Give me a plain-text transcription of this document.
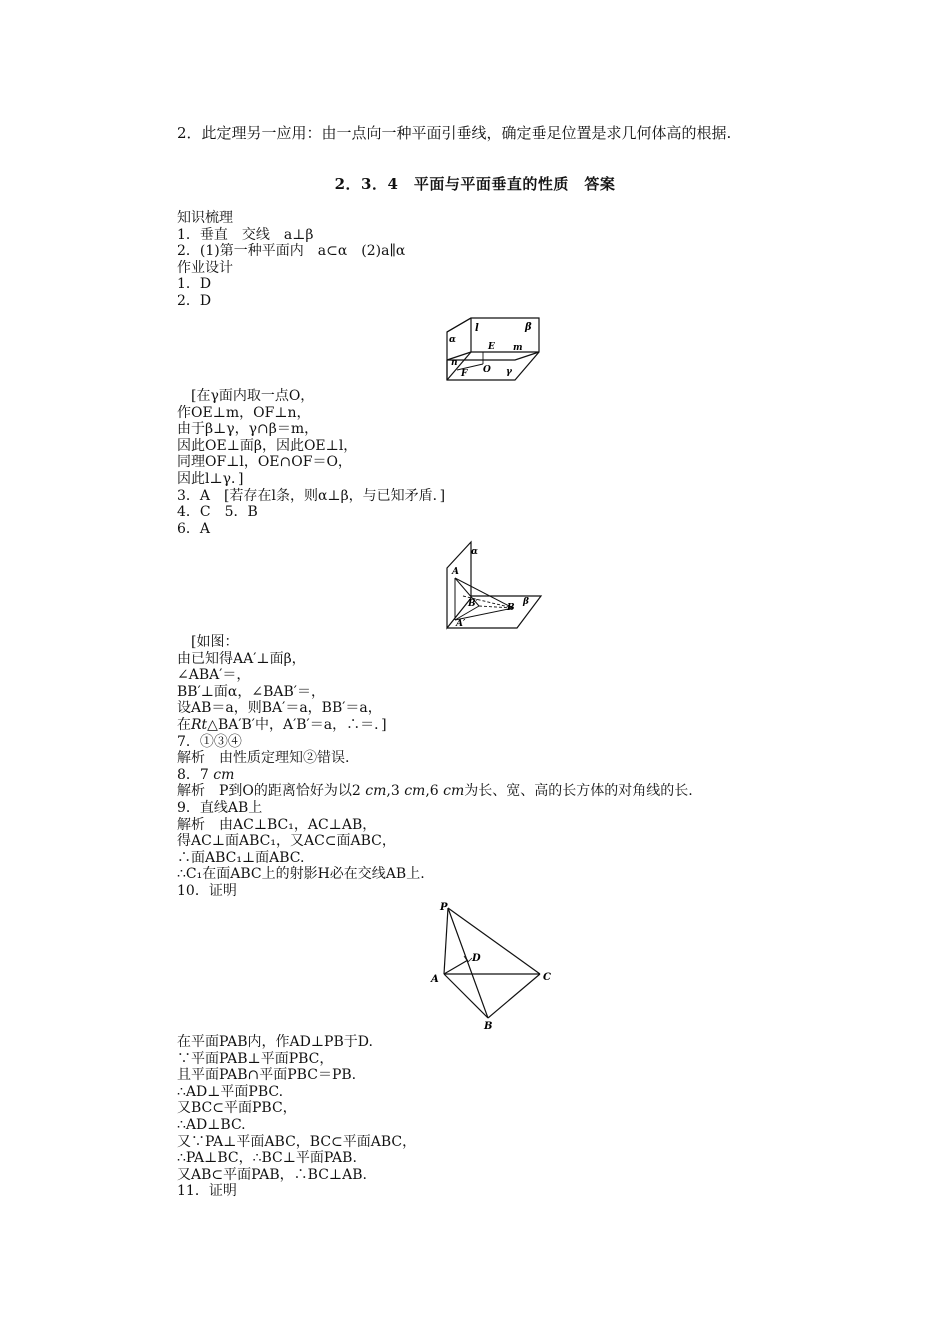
2．此定理另一应用：由一点向一种平面引垂线，确定垂足位置是求几何体高的根据.
2．3．4　平面与平面垂直的性质　答案
知识梳理
1．垂直　交线　a⊥β
2．(1)第一种平面内　a⊂α　(2)a∥α
作业设计
1．D
2．D
l	β
α
E m
n
F O γ
　[在γ面内取一点O，
作OE⊥m，OF⊥n，
由于β⊥γ，γ∩β＝m，
因此OE⊥面β，因此OE⊥l，
同理OF⊥l，OE∩OF＝O，
因此l⊥γ．]
3．A　[若存在l条，则α⊥β，与已知矛盾．]
4．C　5．B
6．A
α
A
B′	B
β
A′
　[如图：
由已知得AA′⊥面β，
∠ABA′＝，
BB′⊥面α，∠BAB′＝，
设AB＝a，则BA′＝a，BB′＝a，
在Rt△BA′B′中，A′B′＝a，∴＝．]
7．①③④
解析　由性质定理知②错误.
8．7 cm
解析　P到O的距离恰好为以2 cm,3 cm,6 cm为长、宽、高的长方体的对角线的长.
9．直线AB上
解析　由AC⊥BC₁，AC⊥AB，
得AC⊥面ABC₁，又AC⊂面ABC，
∴面ABC₁⊥面ABC.
∴C₁在面ABC上的射影H必在交线AB上.
10．证明
P
D
A	C
B
在平面PAB内，作AD⊥PB于D.
∵平面PAB⊥平面PBC，
且平面PAB∩平面PBC＝PB.
∴AD⊥平面PBC.
又BC⊂平面PBC，
∴AD⊥BC.
又∵PA⊥平面ABC，BC⊂平面ABC，
∴PA⊥BC，∴BC⊥平面PAB.
又AB⊂平面PAB，∴BC⊥AB.
11．证明
